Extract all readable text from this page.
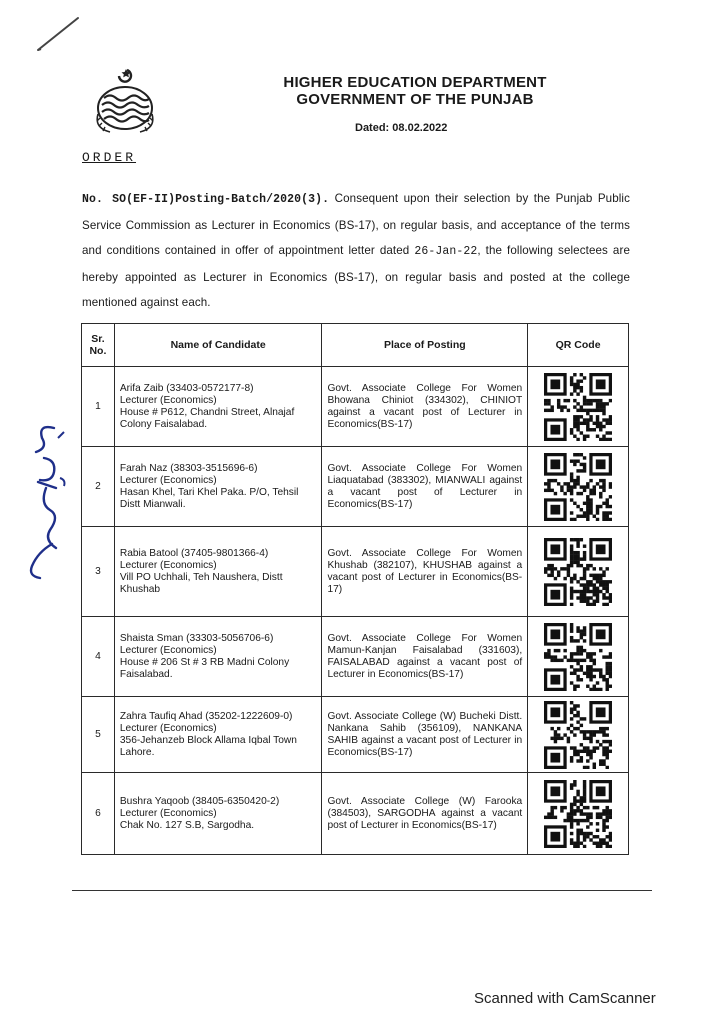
HIGHER EDUCATION DEPARTMENT
GOVERNMENT OF THE PUNJAB
Dated: 08.02.2022
ORDER
No. SO(EF-II)Posting-Batch/2020(3). Consequent upon their selection by the Punjab Public Service Commission as Lecturer in Economics (BS-17), on regular basis, and acceptance of the terms and conditions contained in offer of appointment letter dated 26-Jan-22, the following selectees are hereby appointed as Lecturer in Economics (BS-17), on regular basis and posted at the college mentioned against each.
Sr.
No.	Name of Candidate	Place of Posting	QR Code
1	Arifa Zaib (33403-0572177-8)
Lecturer (Economics)
House # P612, Chandni Street, Alnajaf Colony Faisalabad.	Govt. Associate College For Women Bhowana Chiniot (334302), CHINIOT against a vacant post of Lecturer in Economics(BS-17)	

2	Farah Naz (38303-3515696-6)
Lecturer (Economics)
Hasan Khel, Tari Khel Paka. P/O, Tehsil Distt Mianwali.	Govt. Associate College For Women Liaquatabad (383302), MIANWALI against a vacant post of Lecturer in Economics(BS-17)	

3	Rabia Batool (37405-9801366-4)
Lecturer (Economics)
Vill PO Uchhali, Teh Naushera, Distt Khushab	Govt. Associate College For Women Khushab (382107), KHUSHAB against a vacant post of Lecturer in Economics(BS-17)	

4	Shaista Sman (33303-5056706-6)
Lecturer (Economics)
House # 206 St # 3 RB Madni Colony Faisalabad.	Govt. Associate College For Women Mamun-Kanjan Faisalabad (331603), FAISALABAD against a vacant post of Lecturer in Economics(BS-17)	

5	Zahra Taufiq Ahad (35202-1222609-0)
Lecturer (Economics)
356-Jehanzeb Block Allama Iqbal Town Lahore.	Govt. Associate College (W) Bucheki Distt. Nankana Sahib (356109), NANKANA SAHIB against a vacant post of Lecturer in Economics(BS-17)	

6	Bushra Yaqoob (38405-6350420-2)
Lecturer (Economics)
Chak No. 127 S.B, Sargodha.	Govt. Associate College (W) Farooka (384503), SARGODHA against a vacant post of Lecturer in Economics(BS-17)	
Scanned with CamScanner
